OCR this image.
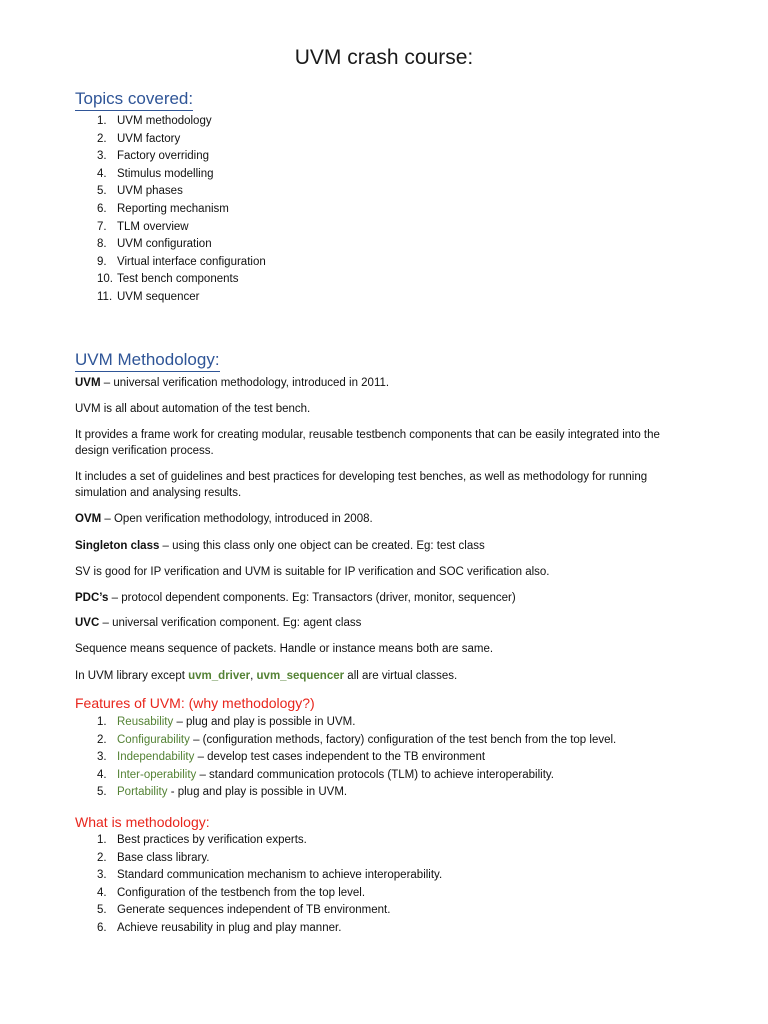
UVM crash course:
Topics covered:
1. UVM methodology
2. UVM factory
3. Factory overriding
4. Stimulus modelling
5. UVM phases
6. Reporting mechanism
7. TLM overview
8. UVM configuration
9. Virtual interface configuration
10. Test bench components
11. UVM sequencer
UVM Methodology:

UVM – universal verification methodology, introduced in 2011.

UVM is all about automation of the test bench.

It provides a frame work for creating modular, reusable testbench components that can be easily integrated into the design verification process.

It includes a set of guidelines and best practices for developing test benches, as well as methodology for running simulation and analysing results.

OVM – Open verification methodology, introduced in 2008.

Singleton class – using this class only one object can be created. Eg: test class

SV is good for IP verification and UVM is suitable for IP verification and SOC verification also.

PDC’s – protocol dependent components. Eg: Transactors (driver, monitor, sequencer)

UVC – universal verification component. Eg: agent class

Sequence means sequence of packets. Handle or instance means both are same.

In UVM library except uvm_driver, uvm_sequencer all are virtual classes.

Features of UVM: (why methodology?)
1. Reusability – plug and play is possible in UVM.
2. Configurability – (configuration methods, factory) configuration of the test bench from the top level.
3. Independability – develop test cases independent to the TB environment
4. Inter-operability – standard communication protocols (TLM) to achieve interoperability.
5. Portability - plug and play is possible in UVM.
What is methodology:
1. Best practices by verification experts.
2. Base class library.
3. Standard communication mechanism to achieve interoperability.
4. Configuration of the testbench from the top level.
5. Generate sequences independent of TB environment.
6. Achieve reusability in plug and play manner.
